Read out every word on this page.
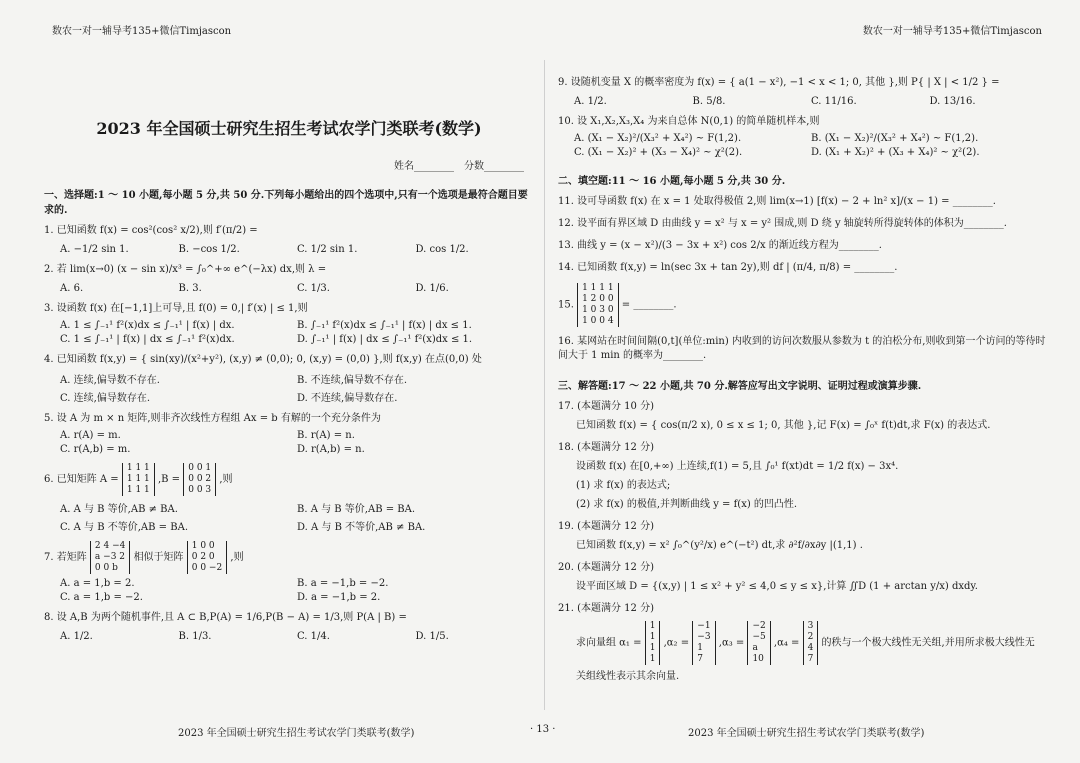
数农一对一辅导考135+微信Timjascon	数农一对一辅导考135+微信Timjascon
2023 年全国硕士研究生招生考试农学门类联考(数学)
姓名________　分数________
一、选择题:1 ～ 10 小题,每小题 5 分,共 50 分.下列每小题给出的四个选项中,只有一个选项是最符合题目要求的.
1. 已知函数 f(x) = cos²(cos² x/2),则 f′(π/2) =
A. −1/2 sin 1.	B. −cos 1/2.	C. 1/2 sin 1.	D. cos 1/2.
2. 若 lim(x→0) (x − sin x)/x³ = ∫₀^+∞ e^(−λx) dx,则 λ =
A. 6.	B. 3.	C. 1/3.	D. 1/6.
3. 设函数 f(x) 在[−1,1]上可导,且 f(0) = 0,| f′(x) | ≤ 1,则
A. 1 ≤ ∫₋₁¹ f²(x)dx ≤ ∫₋₁¹ | f(x) | dx.	B. ∫₋₁¹ f²(x)dx ≤ ∫₋₁¹ | f(x) | dx ≤ 1.
C. 1 ≤ ∫₋₁¹ | f(x) | dx ≤ ∫₋₁¹ f²(x)dx.	D. ∫₋₁¹ | f(x) | dx ≤ ∫₋₁¹ f²(x)dx ≤ 1.
4. 已知函数 f(x,y) = { sin(xy)/(x²+y²), (x,y) ≠ (0,0); 0, (x,y) = (0,0) },则 f(x,y) 在点(0,0) 处
A. 连续,偏导数不存在.	B. 不连续,偏导数不存在.
C. 连续,偏导数存在.	D. 不连续,偏导数存在.
5. 设 A 为 m × n 矩阵,则非齐次线性方程组 Ax = b 有解的一个充分条件为
A. r(A) = m.	B. r(A) = n.
C. r(A,b) = m.	D. r(A,b) = n.
6. 已知矩阵 A =
1 1 1
1 1 1
1 1 1
,B =
0 0 1
0 0 2
0 0 3
,则
A. A 与 B 等价,AB ≠ BA.	B. A 与 B 等价,AB = BA.
C. A 与 B 不等价,AB = BA.	D. A 与 B 不等价,AB ≠ BA.
7. 若矩阵
2 4 −4
a −3 2
0 0 b
相似于矩阵
1 0 0
0 2 0
0 0 −2
,则
A. a = 1,b = 2.	B. a = −1,b = −2.
C. a = 1,b = −2.	D. a = −1,b = 2.
8. 设 A,B 为两个随机事件,且 A ⊂ B,P(A) = 1/6,P(B − A) = 1/3,则 P(A | B) =
A. 1/2.	B. 1/3.	C. 1/4.	D. 1/5.
9. 设随机变量 X 的概率密度为 f(x) = { a(1 − x²), −1 < x < 1; 0, 其他 },则 P{ | X | < 1/2 } =
A. 1/2.	B. 5/8.	C. 11/16.	D. 13/16.
10. 设 X₁,X₂,X₃,X₄ 为来自总体 N(0,1) 的简单随机样本,则
A. (X₁ − X₂)²/(X₃² + X₄²) ~ F(1,2).	B. (X₁ − X₂)²/(X₃² + X₄²) ~ F(1,2).
C. (X₁ − X₂)² + (X₃ − X₄)² ~ χ²(2).	D. (X₁ + X₂)² + (X₃ + X₄)² ~ χ²(2).
二、填空题:11 ～ 16 小题,每小题 5 分,共 30 分.
11. 设可导函数 f(x) 在 x = 1 处取得极值 2,则 lim(x→1) [f(x) − 2 + ln² x]/(x − 1) = ________.
12. 设平面有界区域 D 由曲线 y = x² 与 x = y² 围成,则 D 绕 y 轴旋转所得旋转体的体积为________.
13. 曲线 y = (x − x²)/(3 − 3x + x²) cos 2/x 的渐近线方程为________.
14. 已知函数 f(x,y) = ln(sec 3x + tan 2y),则 df | (π/4, π/8) = ________.
15.
1 1 1 1
1 2 0 0
1 0 3 0
1 0 0 4
= ________.
16. 某网站在时间间隔(0,t](单位:min) 内收到的访问次数服从参数为 t 的泊松分布,则收到第一个访问的等待时间大于 1 min 的概率为________.
三、解答题:17 ～ 22 小题,共 70 分.解答应写出文字说明、证明过程或演算步骤.
17. (本题满分 10 分)
已知函数 f(x) = { cos(π/2 x), 0 ≤ x ≤ 1; 0, 其他 },记 F(x) = ∫₀ˣ f(t)dt,求 F(x) 的表达式.
18. (本题满分 12 分)
设函数 f(x) 在[0,+∞) 上连续,f(1) = 5,且 ∫₀¹ f(xt)dt = 1/2 f(x) − 3x⁴.
(1) 求 f(x) 的表达式;
(2) 求 f(x) 的极值,并判断曲线 y = f(x) 的凹凸性.
19. (本题满分 12 分)
已知函数 f(x,y) = x² ∫₀^(y²/x) e^(−t²) dt,求 ∂²f/∂x∂y |(1,1) .
20. (本题满分 12 分)
设平面区域 D = {(x,y) | 1 ≤ x² + y² ≤ 4,0 ≤ y ≤ x},计算 ∬D (1 + arctan y/x) dxdy.
21. (本题满分 12 分)
求向量组 α₁ =
1
1
1
1
,α₂ =
−1
−3
1
7
,α₃ =
−2
−5
a
10
,α₄ =
3
2
4
7
的秩与一个极大线性无关组,并用所求极大线性无
关组线性表示其余向量.
2023 年全国硕士研究生招生考试农学门类联考(数学)	· 13 ·	2023 年全国硕士研究生招生考试农学门类联考(数学)
